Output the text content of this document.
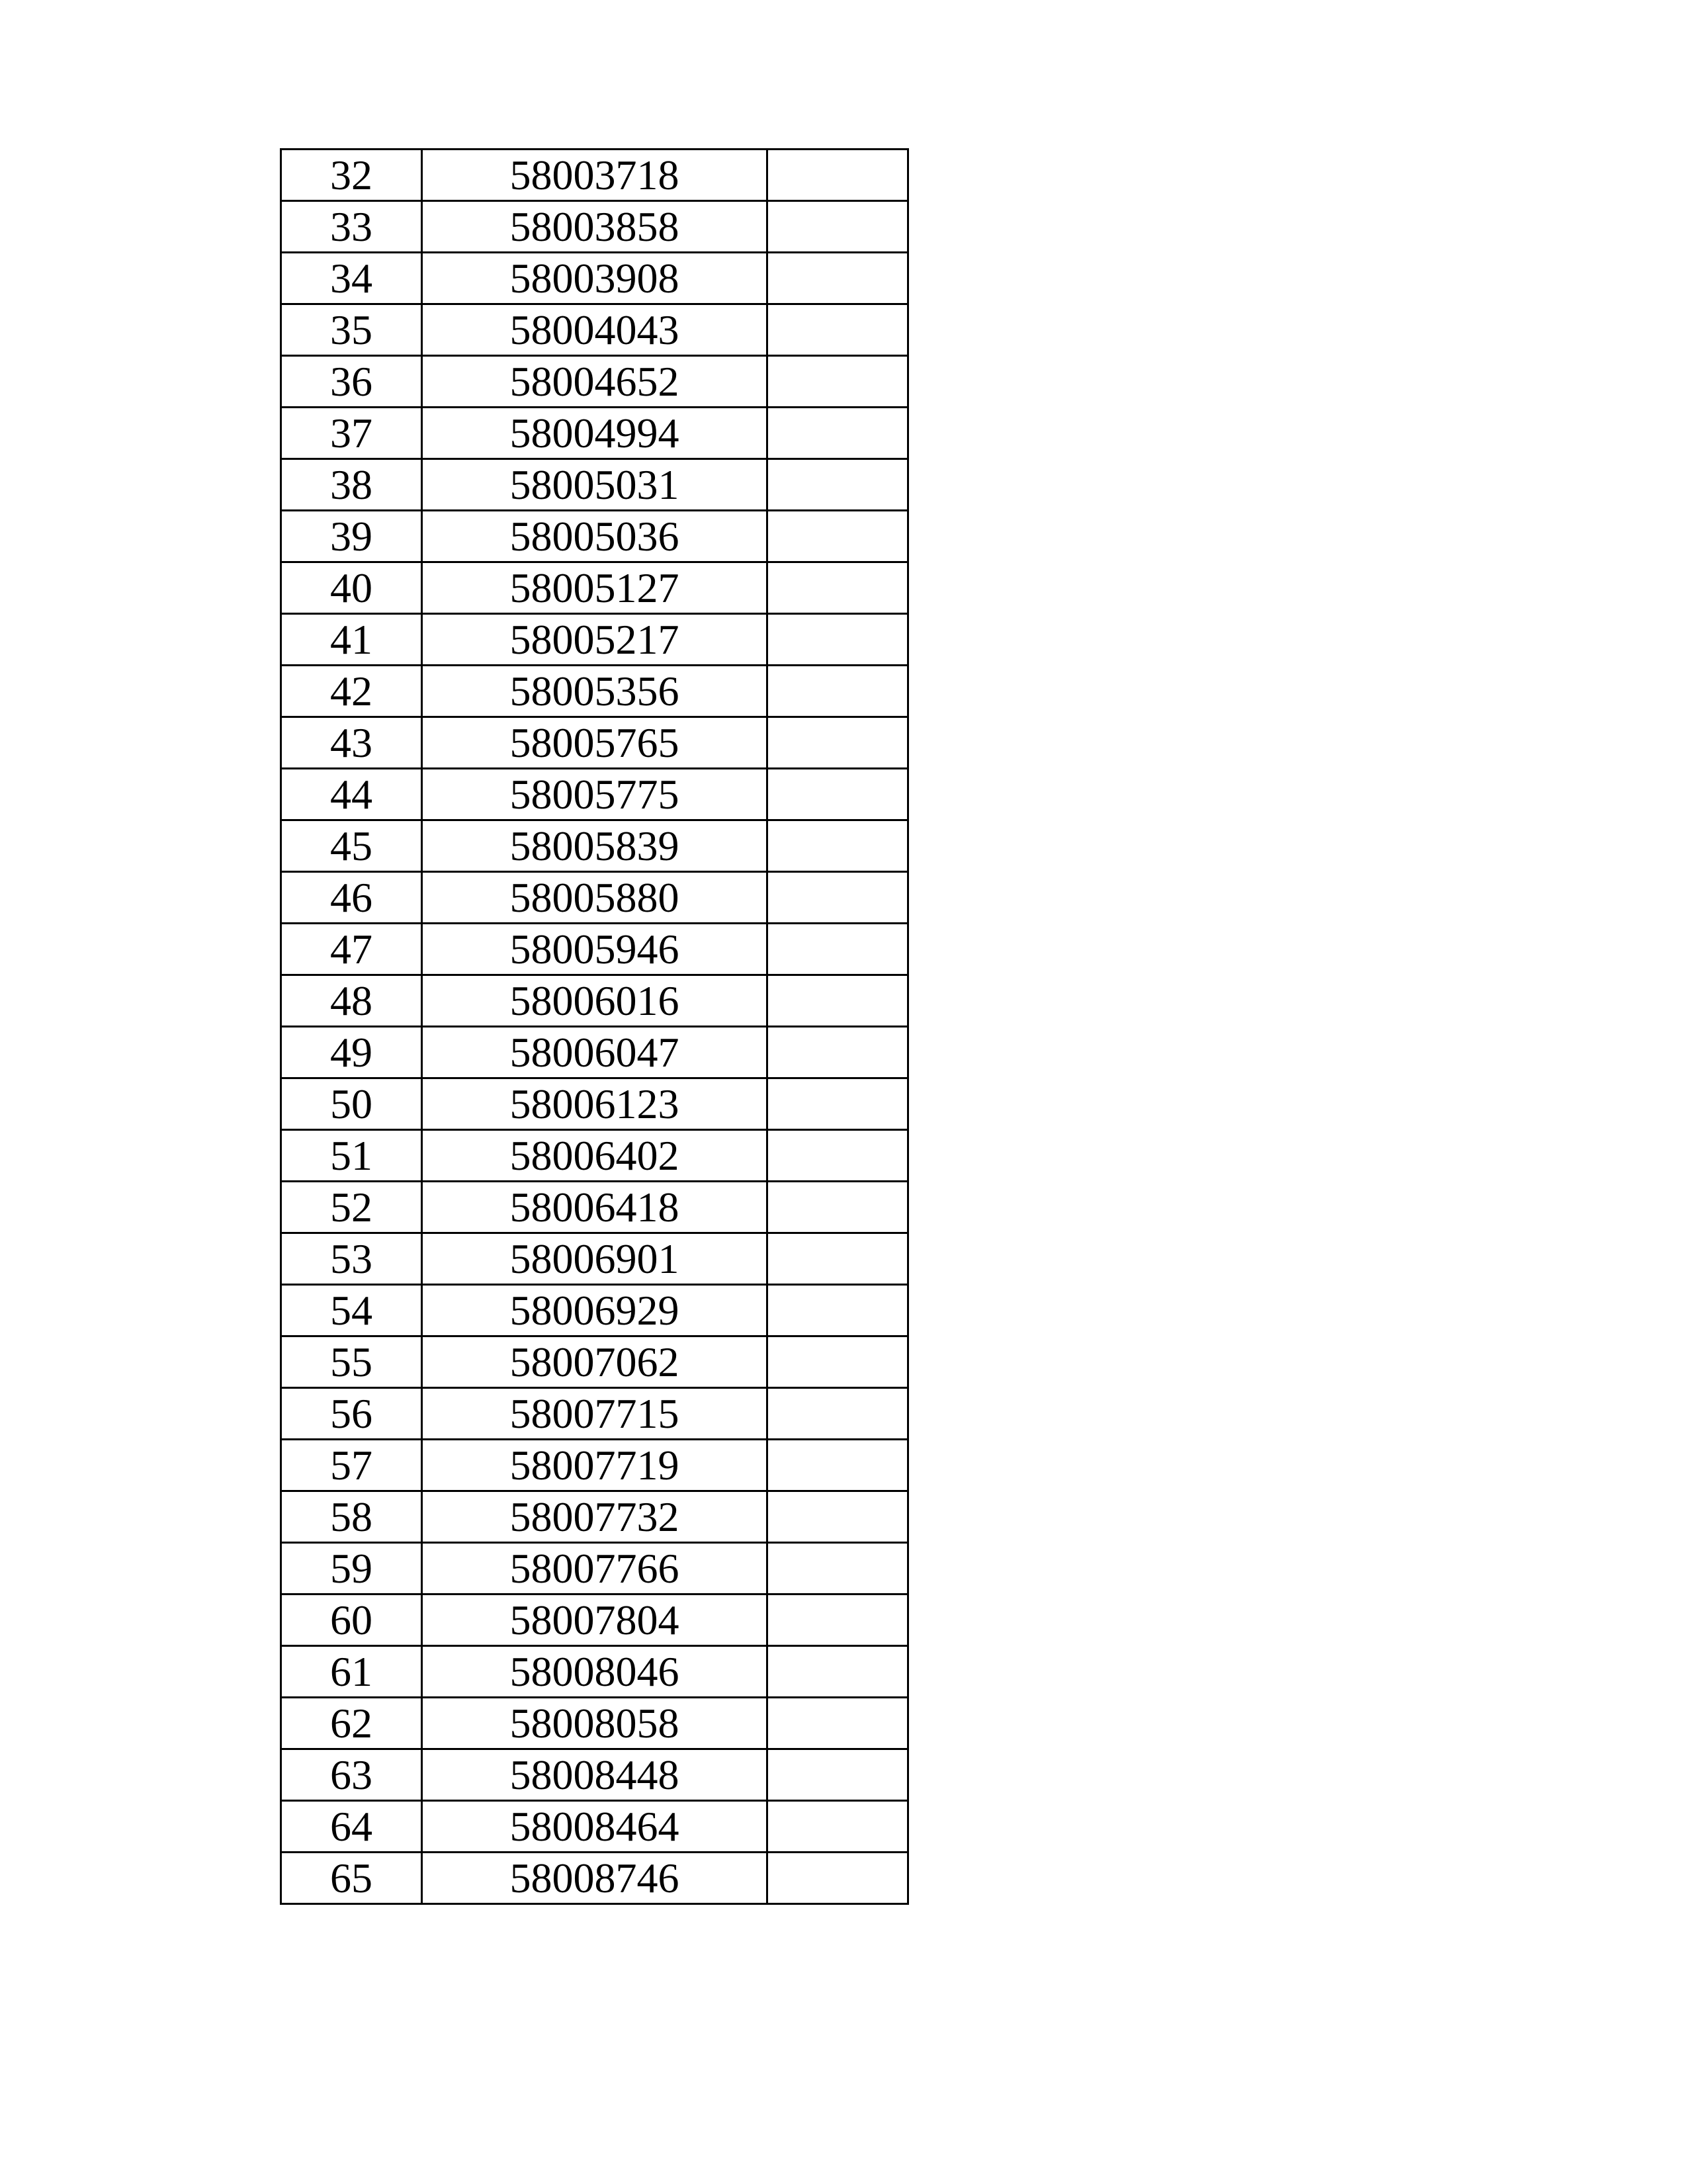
32	58003718	
33	58003858	
34	58003908	
35	58004043	
36	58004652	
37	58004994	
38	58005031	
39	58005036	
40	58005127	
41	58005217	
42	58005356	
43	58005765	
44	58005775	
45	58005839	
46	58005880	
47	58005946	
48	58006016	
49	58006047	
50	58006123	
51	58006402	
52	58006418	
53	58006901	
54	58006929	
55	58007062	
56	58007715	
57	58007719	
58	58007732	
59	58007766	
60	58007804	
61	58008046	
62	58008058	
63	58008448	
64	58008464	
65	58008746	
